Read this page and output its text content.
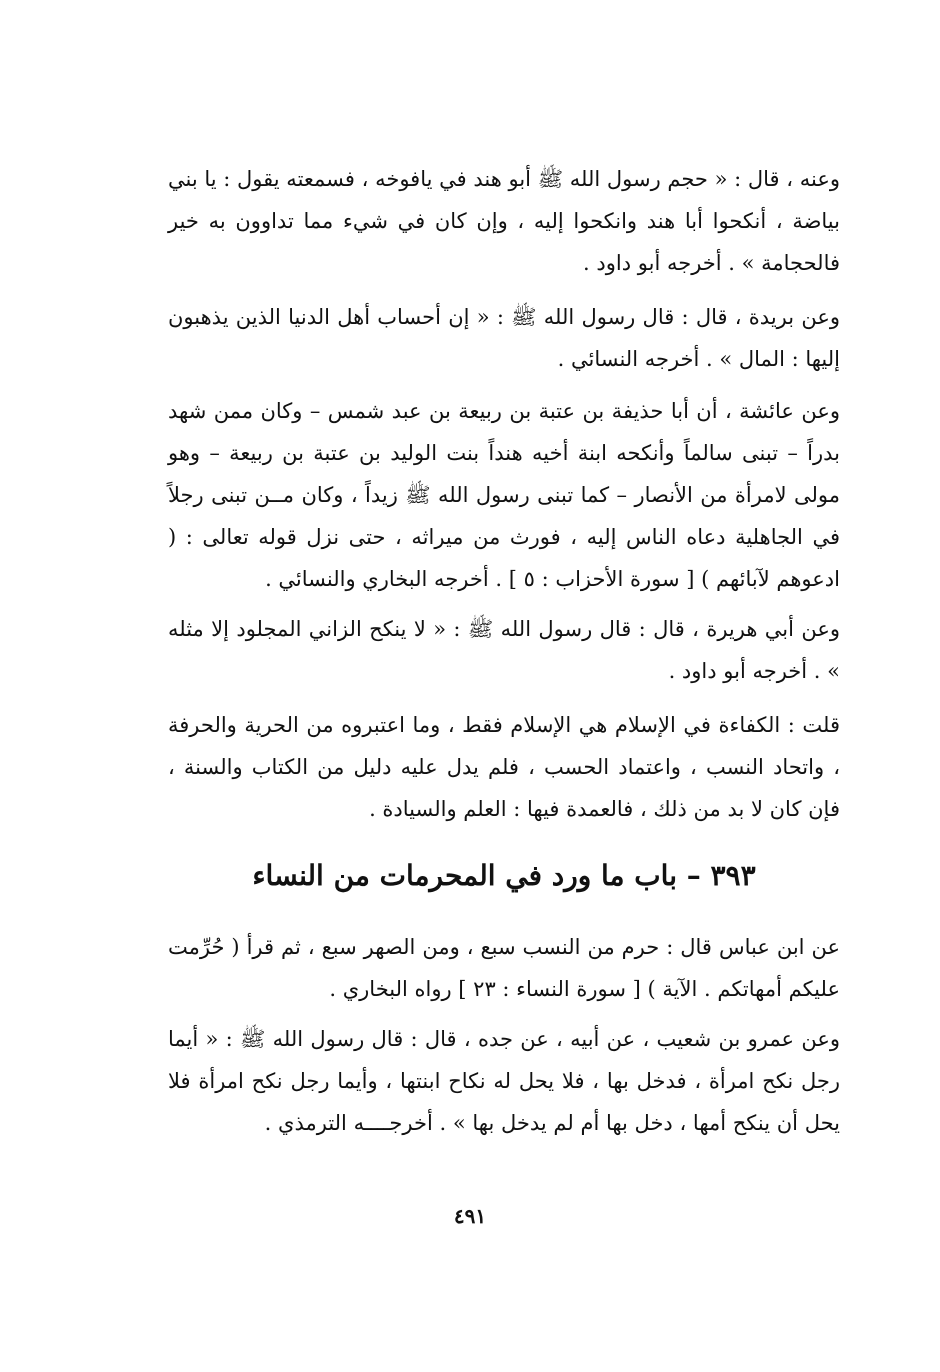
وعنه ، قال : « حجم رسول الله ﷺ أبو هند في يافوخه ، فسمعته يقول : يا بني بياضة ، أنكحوا أبا هند وانكحوا إليه ، وإن كان في شيء مما تداوون به خير فالحجامة » . أخرجه أبو داود .

وعن بريدة ، قال : قال رسول الله ﷺ : « إن أحساب أهل الدنيا الذين يذهبون إليها : المال » . أخرجه النسائي .

وعن عائشة ، أن أبا حذيفة بن عتبة بن ربيعة بن عبد شمس – وكان ممن شهد بدراً – تبنى سالماً وأنكحه ابنة أخيه هنداً بنت الوليد بن عتبة بن ربيعة – وهو مولى لامرأة من الأنصار – كما تبنى رسول الله ﷺ زيداً ، وكان مــن تبنى رجلاً في الجاهلية دعاه الناس إليه ، فورث من ميراثه ، حتى نزل قوله تعالى : ( ادعوهم لآبائهم ) [ سورة الأحزاب : ٥ ] . أخرجه البخاري والنسائي .

وعن أبي هريرة ، قال : قال رسول الله ﷺ : « لا ينكح الزاني المجلود إلا مثله » . أخرجه أبو داود .

قلت : الكفاءة في الإسلام هي الإسلام فقط ، وما اعتبروه من الحرية والحرفة ، واتحاد النسب ، واعتماد الحسب ، فلم يدل عليه دليل من الكتاب والسنة ، فإن كان لا بد من ذلك ، فالعمدة فيها : العلم والسيادة .

٣٩٣ – باب ما ورد في المحرمات من النساء

عن ابن عباس قال : حرم من النسب سبع ، ومن الصهر سبع ، ثم قرأ ( حُرِّمت عليكم أمهاتكم . الآية ) [ سورة النساء : ٢٣ ] رواه البخاري .

وعن عمرو بن شعيب ، عن أبيه ، عن جده ، قال : قال رسول الله ﷺ : « أيما رجل نكح امرأة ، فدخل بها ، فلا يحل له نكاح ابنتها ، وأيما رجل نكح امرأة فلا يحل أن ينكح أمها ، دخل بها أم لم يدخل بها » . أخرجــــه الترمذي .

٤٩١
